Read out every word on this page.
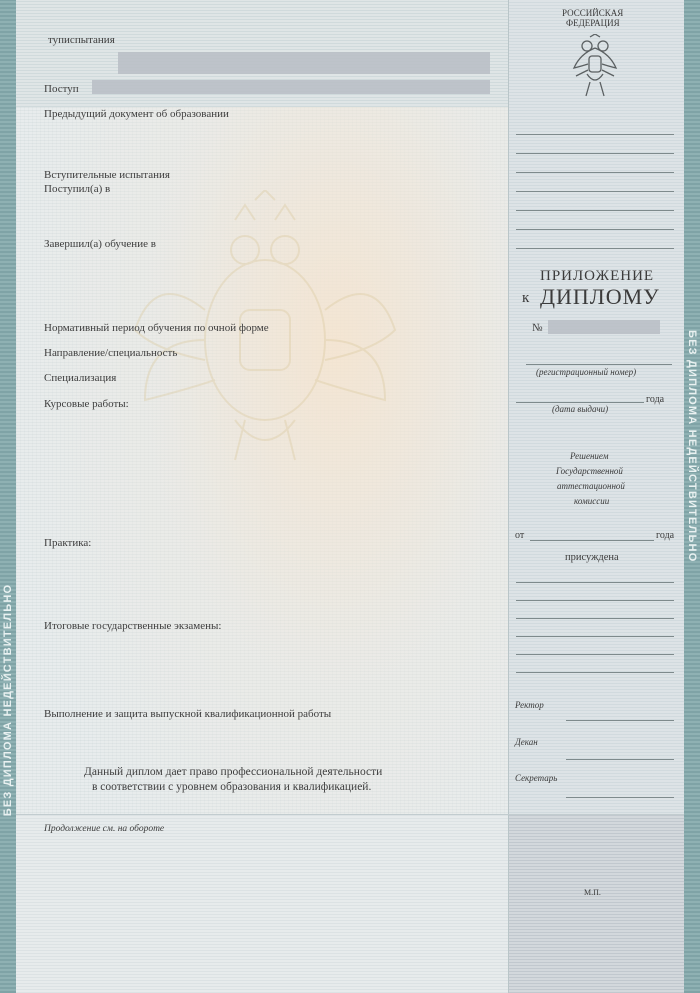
БЕЗ ДИПЛОМА НЕДЕЙСТВИТЕЛЬНО
БЕЗ ДИПЛОМА НЕДЕЙСТВИТЕЛЬНО
туписпытания
Поступ
Предыдущий документ об образовании
Вступительные испытания
Поступил(а) в
Завершил(а) обучение в
Нормативный период обучения по очной форме
Направление/специальность
Специализация
Курсовые работы:
Практика:
Итоговые государственные экзамены:
Выполнение и защита выпускной квалификационной работы
Данный диплом дает право профессиональной деятельности
в соответствии с уровнем образования и квалификацией.
Продолжение см. на обороте
РОССИЙСКАЯ
ФЕДЕРАЦИЯ
ПРИЛОЖЕНИЕ
к ДИПЛОМУ
№
(регистрационный номер)
года
(дата выдачи)
Решением
Государственной
аттестационной
комиссии
от	года
присуждена
Ректор
Декан
Секретарь
М.П.
